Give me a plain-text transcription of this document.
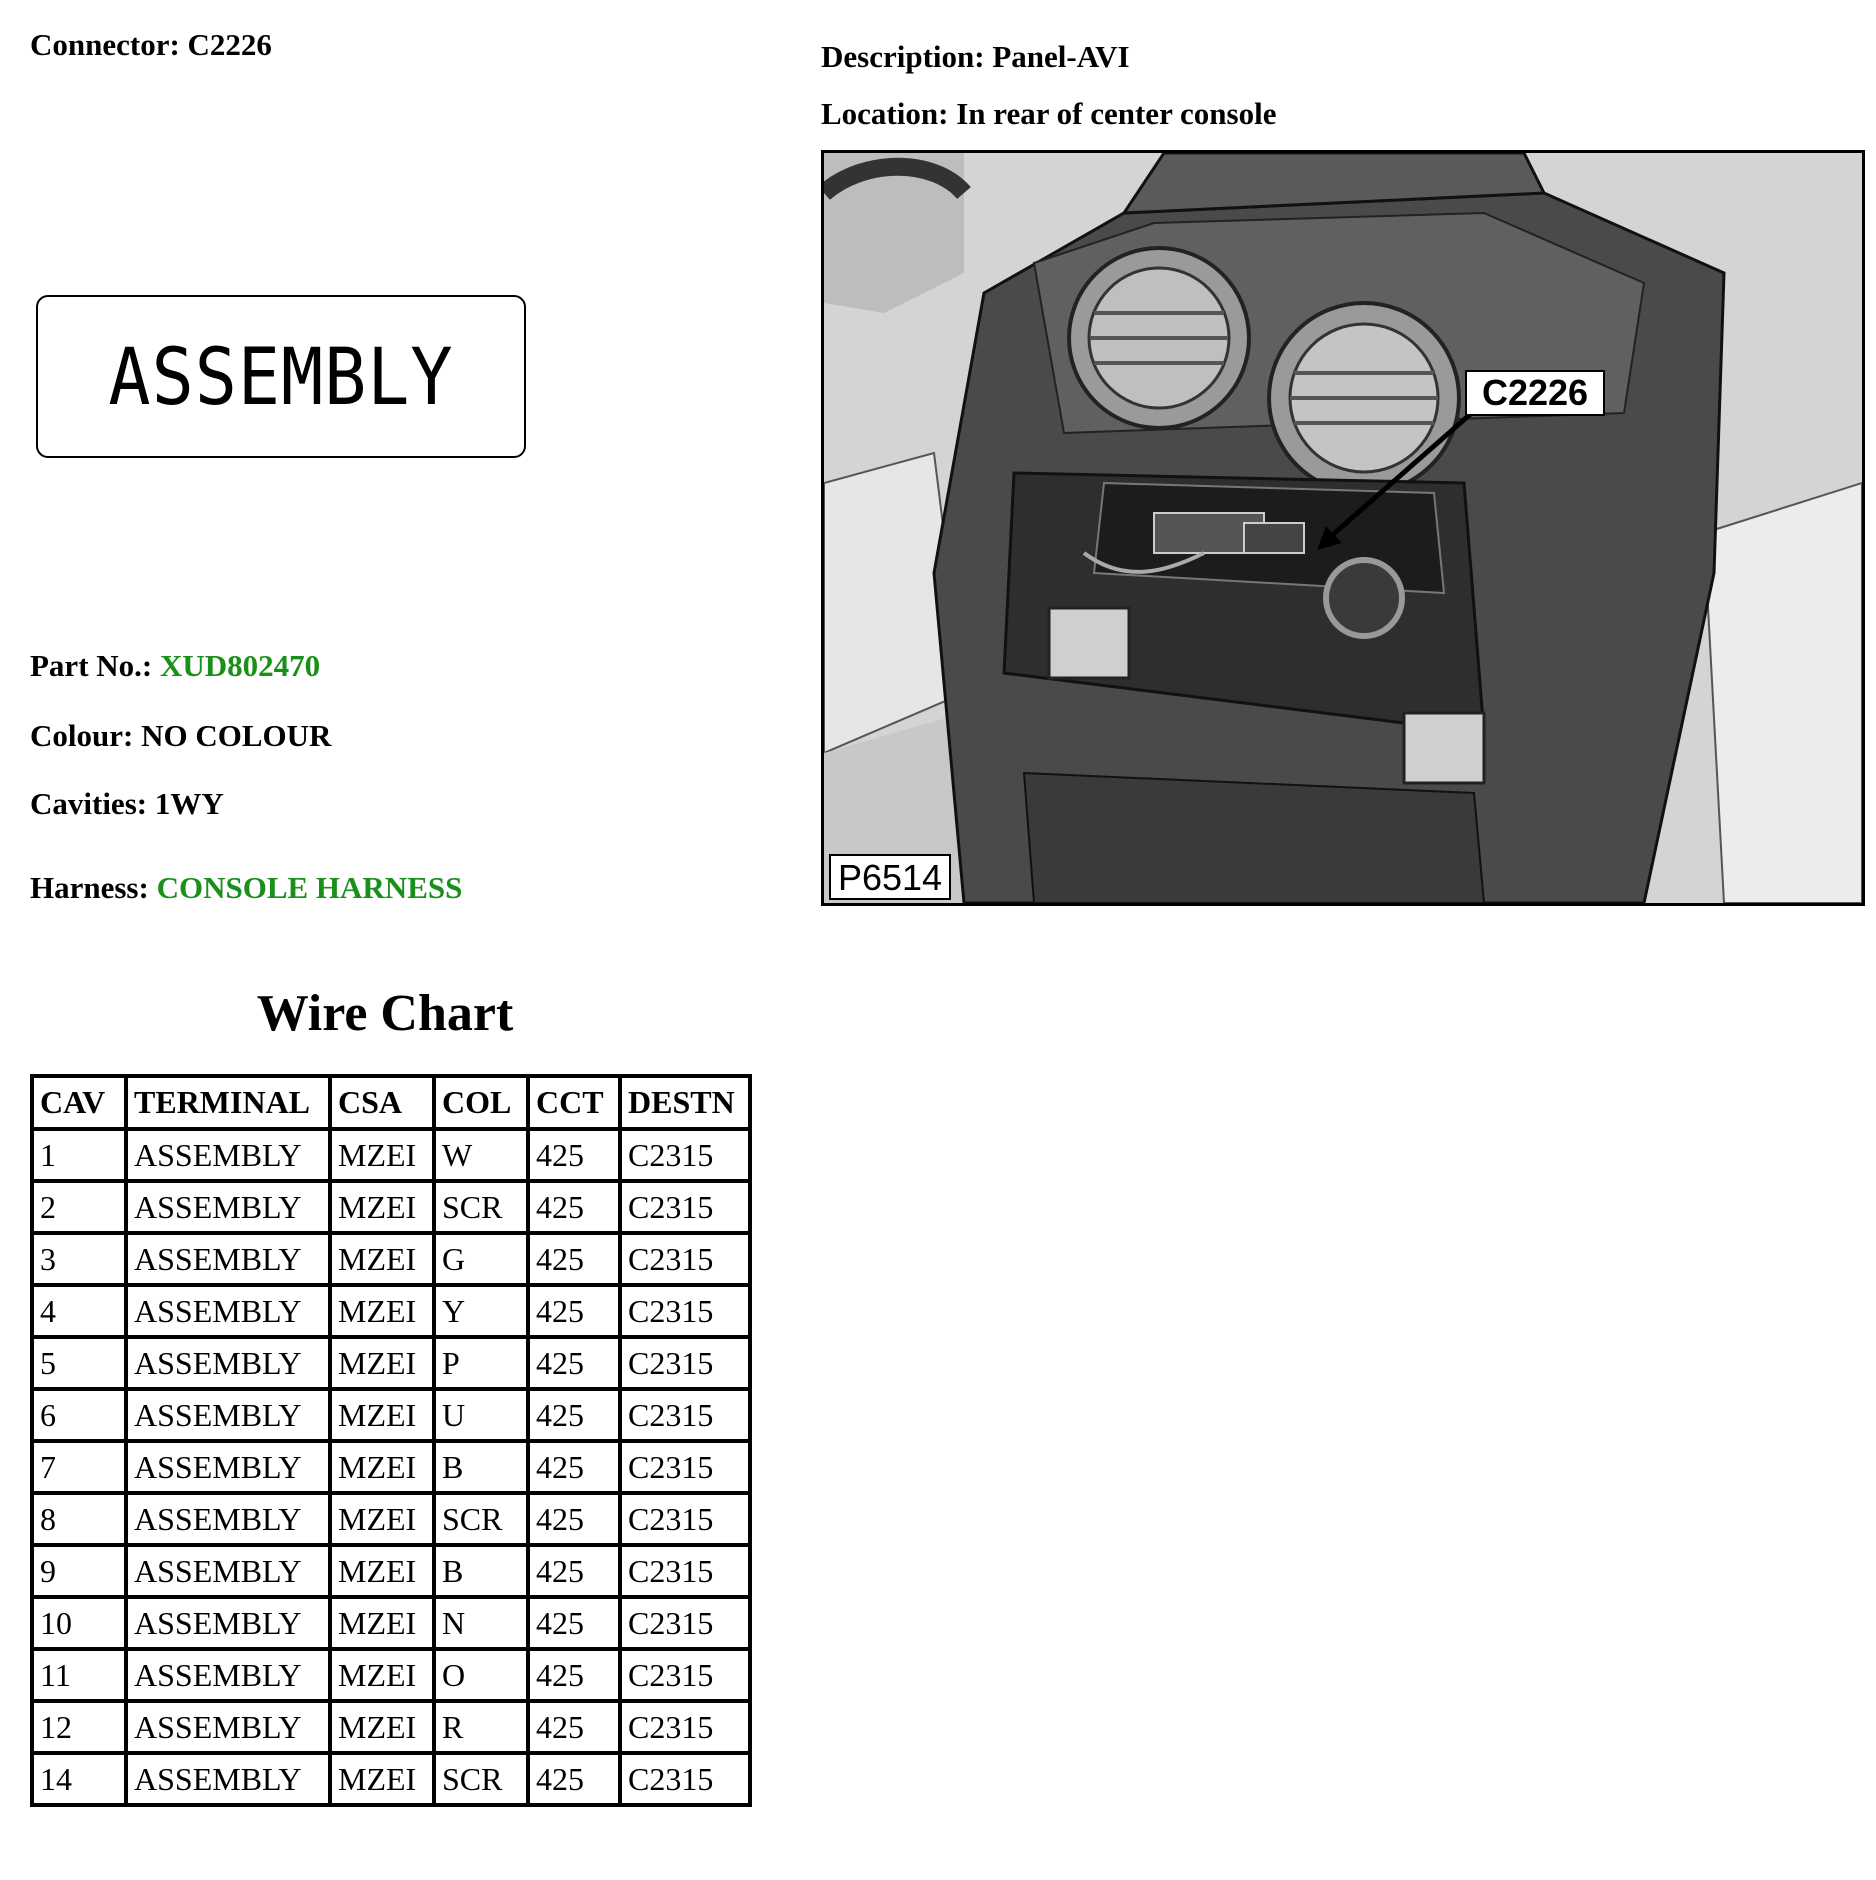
Connector: C2226
ASSEMBLY
Part No.: XUD802470
Colour: NO COLOUR
Cavities: 1WY
Harness: CONSOLE HARNESS
Description: Panel-AVI
Location: In rear of center console
C2226
P6514
Wire Chart
CAV	TERMINAL	CSA	COL	CCT	DESTN
1	ASSEMBLY	MZEI	W	425	C2315
2	ASSEMBLY	MZEI	SCR	425	C2315
3	ASSEMBLY	MZEI	G	425	C2315
4	ASSEMBLY	MZEI	Y	425	C2315
5	ASSEMBLY	MZEI	P	425	C2315
6	ASSEMBLY	MZEI	U	425	C2315
7	ASSEMBLY	MZEI	B	425	C2315
8	ASSEMBLY	MZEI	SCR	425	C2315
9	ASSEMBLY	MZEI	B	425	C2315
10	ASSEMBLY	MZEI	N	425	C2315
11	ASSEMBLY	MZEI	O	425	C2315
12	ASSEMBLY	MZEI	R	425	C2315
14	ASSEMBLY	MZEI	SCR	425	C2315
